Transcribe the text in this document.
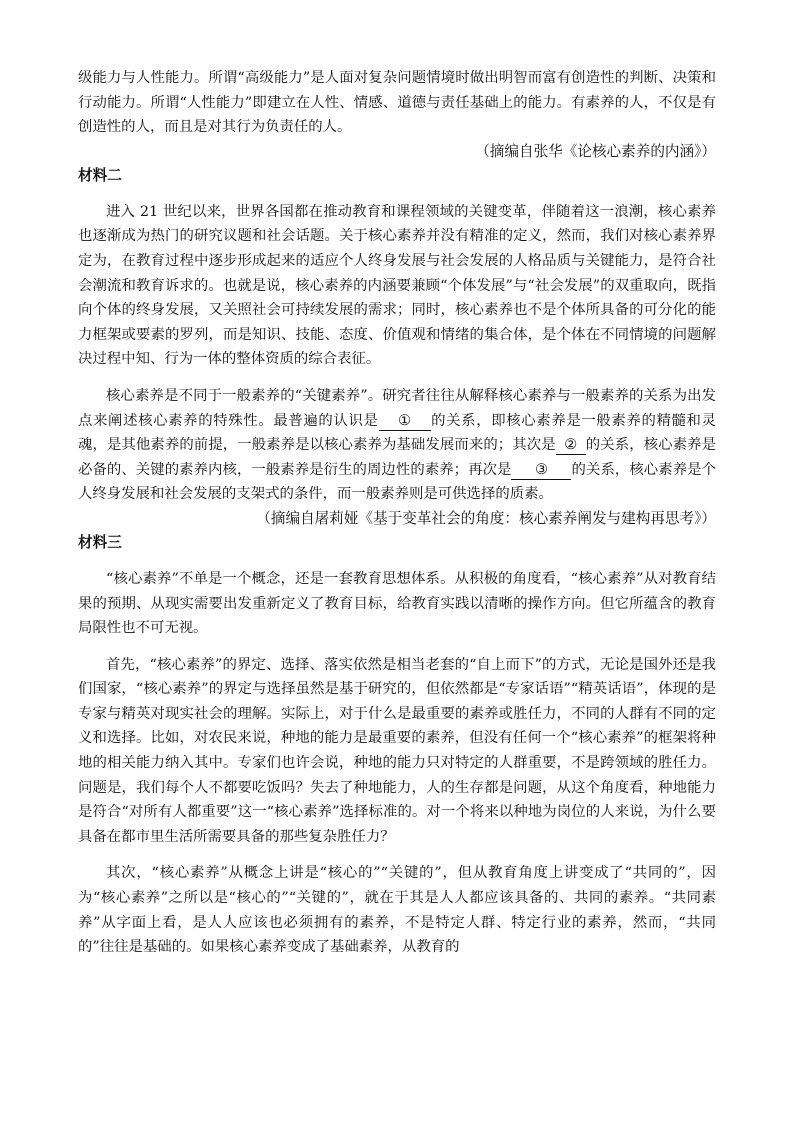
级能力与人性能力。所谓“高级能力”是人面对复杂问题情境时做出明智而富有创造性的判断、决策和行动能力。所谓“人性能力”即建立在人性、情感、道德与责任基础上的能力。有素养的人，不仅是有创造性的人，而且是对其行为负责任的人。

（摘编自张华《论核心素养的内涵》）

材料二

进入 21 世纪以来，世界各国都在推动教育和课程领域的关键变革，伴随着这一浪潮，核心素养也逐渐成为热门的研究议题和社会话题。关于核心素养并没有精准的定义，然而，我们对核心素养界定为，在教育过程中逐步形成起来的适应个人终身发展与社会发展的人格品质与关键能力，是符合社会潮流和教育诉求的。也就是说，核心素养的内涵要兼顾“个体发展”与“社会发展”的双重取向，既指向个体的终身发展，又关照社会可持续发展的需求；同时，核心素养也不是个体所具备的可分化的能力框架或要素的罗列，而是知识、技能、态度、价值观和情绪的集合体，是个体在不同情境的问题解决过程中知、行为一体的整体资质的综合表征。

核心素养是不同于一般素养的“关键素养”。研究者往往从解释核心素养与一般素养的关系为出发点来阐述核心素养的特殊性。最普遍的认识是 ① 的关系，即核心素养是一般素养的精髓和灵魂，是其他素养的前提，一般素养是以核心素养为基础发展而来的；其次是 ② 的关系，核心素养是必备的、关键的素养内核，一般素养是衍生的周边性的素养；再次是 ③ 的关系，核心素养是个人终身发展和社会发展的支架式的条件，而一般素养则是可供选择的质素。

（摘编自屠莉娅《基于变革社会的角度：核心素养阐发与建构再思考》）

材料三

“核心素养”不单是一个概念，还是一套教育思想体系。从积极的角度看，“核心素养”从对教育结果的预期、从现实需要出发重新定义了教育目标，给教育实践以清晰的操作方向。但它所蕴含的教育局限性也不可无视。

首先，“核心素养”的界定、选择、落实依然是相当老套的“自上而下”的方式，无论是国外还是我们国家，“核心素养”的界定与选择虽然是基于研究的，但依然都是“专家话语”“精英话语”，体现的是专家与精英对现实社会的理解。实际上，对于什么是最重要的素养或胜任力，不同的人群有不同的定义和选择。比如，对农民来说，种地的能力是最重要的素养，但没有任何一个“核心素养”的框架将种地的相关能力纳入其中。专家们也许会说，种地的能力只对特定的人群重要，不是跨领域的胜任力。问题是，我们每个人不都要吃饭吗？失去了种地能力，人的生存都是问题，从这个角度看，种地能力是符合“对所有人都重要”这一“核心素养”选择标准的。对一个将来以种地为岗位的人来说，为什么要具备在都市里生活所需要具备的那些复杂胜任力？

其次，“核心素养”从概念上讲是“核心的”“关键的”，但从教育角度上讲变成了“共同的”，因为“核心素养”之所以是“核心的”“关键的”，就在于其是人人都应该具备的、共同的素养。“共同素养”从字面上看，是人人应该也必须拥有的素养，不是特定人群、特定行业的素养，然而，“共同的”往往是基础的。如果核心素养变成了基础素养，从教育的
